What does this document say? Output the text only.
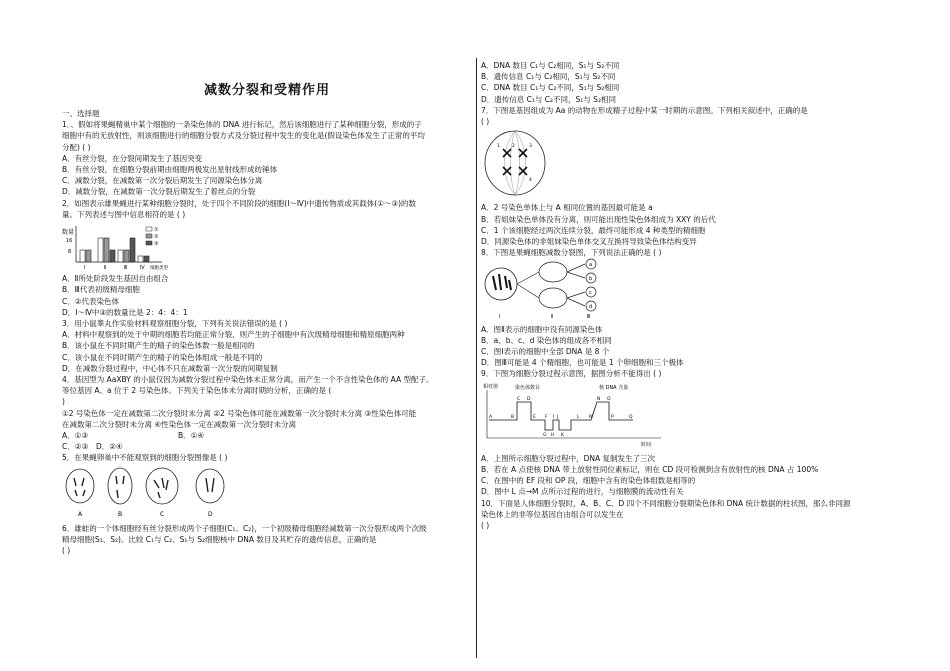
减数分裂和受精作用
一、选择题
1．、假如将果蝇精巢中某个细胞的一条染色体的 DNA 进行标记，然后该细胞进行了某种细胞分裂，形成的子
细胞中有的无放射性，则该细胞进行的细胞分裂方式及分裂过程中发生的变化是(假设染色体发生了正常的平均
分配) ( )
A．有丝分裂，在分裂间期发生了基因突变
B．有丝分裂，在细胞分裂前期由细胞两极发出星射线形成纺锤体
C．减数分裂，在减数第一次分裂后期发生了同源染色体分离
D．减数分裂，在减数第一次分裂后期发生了着丝点的分裂
2．如图表示雄果蝇进行某种细胞分裂时，处于四个不同阶段的细胞(Ⅰ～Ⅳ)中遗传物质或其载体(①～③)的数
量。下列表述与图中信息相符的是 ( )
数量
16
8
Ⅰ	Ⅱ	Ⅲ	Ⅳ 细胞类型
①
②
③
A．Ⅱ所处阶段发生基因自由组合
B．Ⅲ代表初级精母细胞
C．②代表染色体
D．Ⅰ～Ⅳ中③的数量比是 2：4：4：1
3．用小鼠睾丸作实验材料观察细胞分裂，下列有关说法错误的是 ( )
A．材料中观察到的处于中期的细胞若均能正常分裂，则产生的子细胞中有次级精母细胞和精原细胞两种
B．该小鼠在不同时期产生的精子的染色体数一般是相同的
C．该小鼠在不同时期产生的精子的染色体组成一般是不同的
D．在减数分裂过程中，中心体不只在减数第一次分裂的间期复制
4．基因型为 AaXBY 的小鼠仅因为减数分裂过程中染色体未正常分离，而产生一个不含性染色体的 AA 型配子。
等位基因 A、a 位于 2 号染色体。下列关于染色体未分离时期的分析，正确的是 (
)
①2 号染色体一定在减数第二次分裂时未分离 ②2 号染色体可能在减数第一次分裂时未分离 ③性染色体可能
在减数第二次分裂时未分离 ④性染色体一定在减数第一次分裂时未分离
A．①③	B．①④
C．②③ D．②④
5．在果蝇卵巢中不能观察到的细胞分裂图像是 ( )
A	B	C	D
6．雄蛙的一个体细胞经有丝分裂形成两个子细胞(C₁、C₂)，一个初级精母细胞经减数第一次分裂形成两个次级
精母细胞(S₁、S₂)。比较 C₁与 C₂、S₁与 S₂细胞核中 DNA 数目及其贮存的遗传信息，正确的是
( )
A．DNA 数目 C₁与 C₂相同，S₁与 S₂不同
B．遗传信息 C₁与 C₂相同，S₁与 S₂不同
C．DNA 数目 C₁与 C₂不同，S₁与 S₂相同
D．遗传信息 C₁与 C₂不同，S₁与 S₂相同
7．下图是基因组成为 Aa 的动物在形成精子过程中某一时期的示意图。下列相关叙述中，正确的是
( )
1	2	3
4
A．2 号染色单体上与 A 相同位置的基因最可能是 a
B．若姐妹染色单体没有分离，则可能出现性染色体组成为 XXY 的后代
C．1 个该细胞经过两次连续分裂，最终可能形成 4 种类型的精细胞
D．同源染色体的非姐妹染色单体交叉互换将导致染色体结构变异
8．下图是果蝇细胞减数分裂图，下列说法正确的是 ( )
a
b
c
d
Ⅰ	Ⅱ	Ⅲ
A．图Ⅱ表示的细胞中没有同源染色体
B．a、b、c、d 染色体的组成各不相同
C．图Ⅰ表示的细胞中全部 DNA 是 8 个
D．图Ⅲ可能是 4 个精细胞，也可能是 1 个卵细胞和三个极体
9．下图为细胞分裂过程示意图，据图分析不能得出 ( )
相对值
时间
染色体数目	核 DNA 含量
A	B
C D
E F
G H
I J
K
L M
N O
P	Q
A．上图所示细胞分裂过程中，DNA 复制发生了三次
B．若在 A 点使核 DNA 带上放射性同位素标记，则在 CD 段可检测到含有放射性的核 DNA 占 100%
C．在图中的 EF 段和 OP 段，细胞中含有的染色体组数是相等的
D．图中 L 点→M 点所示过程的进行，与细胞膜的流动性有关
10．下面是人体细胞分裂时，A、B、C、D 四个不同细胞分裂期染色体和 DNA 统计数据的柱状图，那么非同源
染色体上的非等位基因自由组合可以发生在
( )
